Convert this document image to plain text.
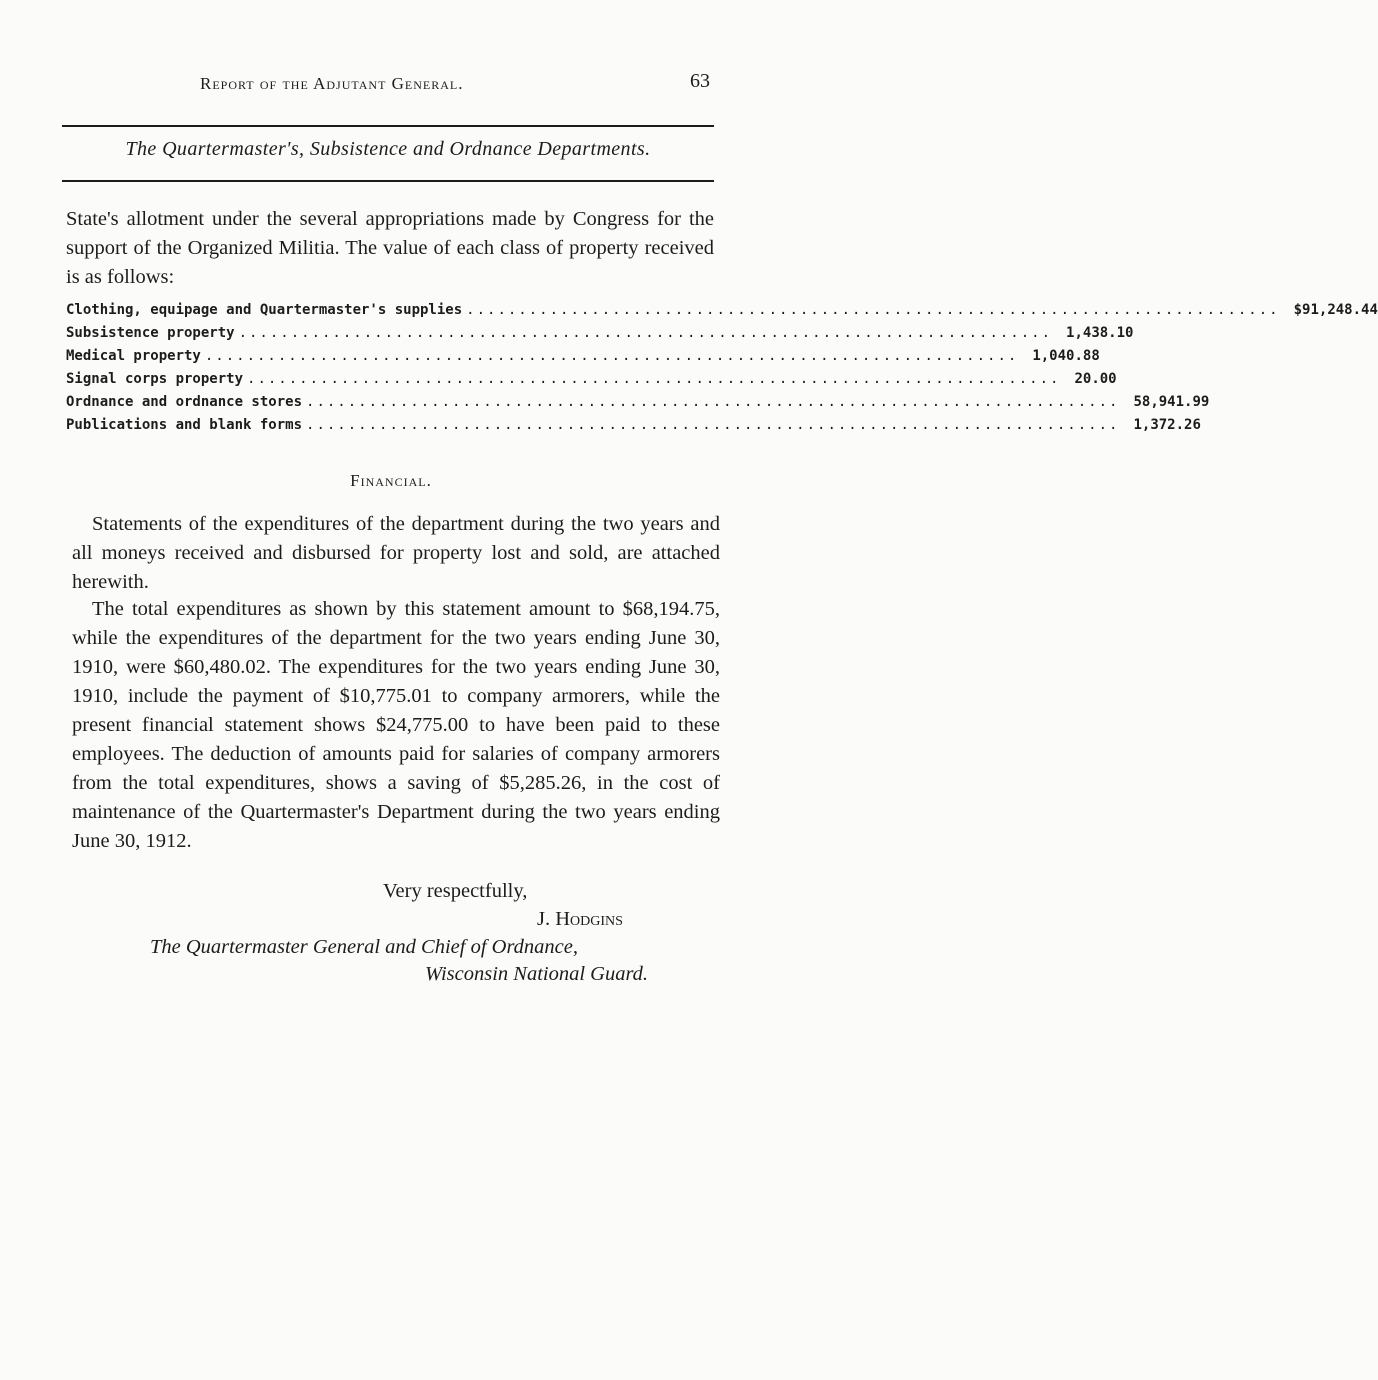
Report of the Adjutant General.	63
The Quartermaster's, Subsistence and Ordnance Departments.
State's allotment under the several appropriations made by Congress for the support of the Organized Militia. The value of each class of property received is as follows:
Clothing, equipage and Quartermaster's supplies .............................................................................. $91,248.44
Subsistence property .............................................................................. 1,438.10
Medical property .............................................................................. 1,040.88
Signal corps property .............................................................................. 20.00
Ordnance and ordnance stores .............................................................................. 58,941.99
Publications and blank forms .............................................................................. 1,372.26
Financial.
Statements of the expenditures of the department during the two years and all moneys received and disbursed for property lost and sold, are attached herewith.
The total expenditures as shown by this statement amount to $68,194.75, while the expenditures of the department for the two years ending June 30, 1910, were $60,480.02. The expenditures for the two years ending June 30, 1910, include the payment of $10,775.01 to company armorers, while the present financial statement shows $24,775.00 to have been paid to these employees. The deduction of amounts paid for salaries of company armorers from the total expenditures, shows a saving of $5,285.26, in the cost of maintenance of the Quartermaster's Department during the two years ending June 30, 1912.
Very respectfully,
J. Hodgins
The Quartermaster General and Chief of Ordnance,
Wisconsin National Guard.
